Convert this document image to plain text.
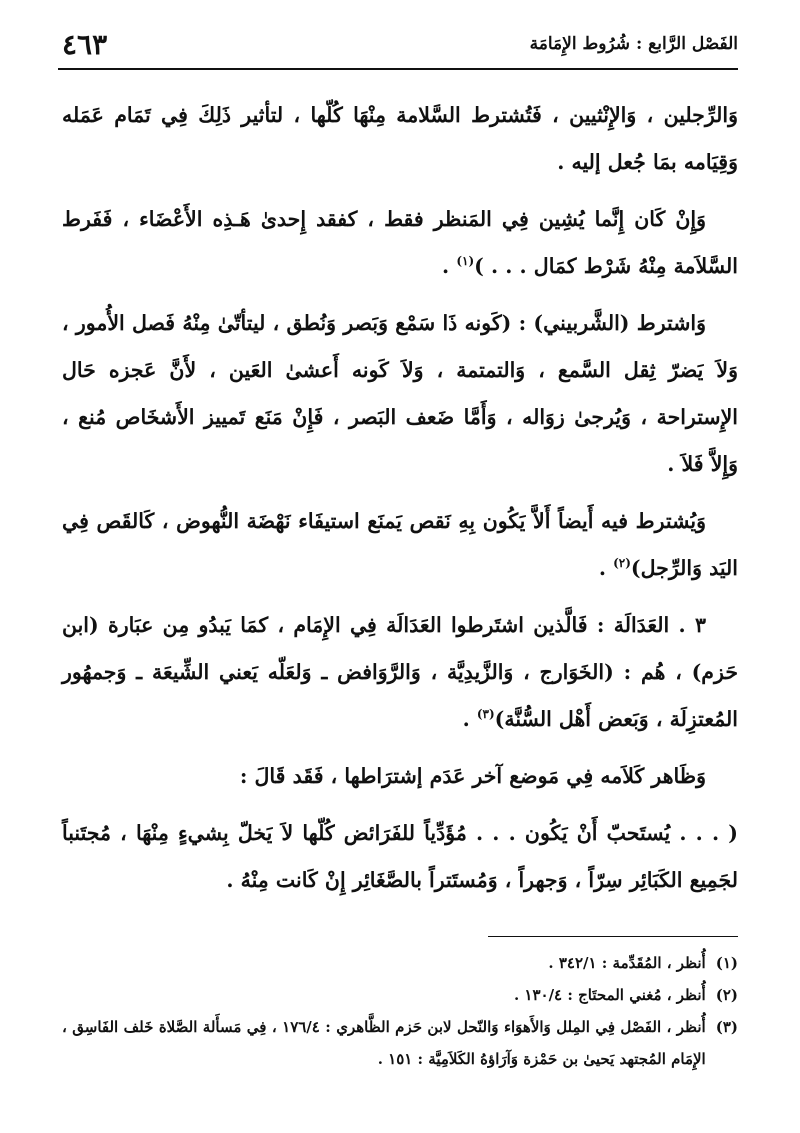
الفَصْل الرَّابع : شُرُوط الإِمَامَة
٤٦٣

وَالرِّجلين ، وَالإِنْثيين ، فَتُشترط السَّلامة مِنْهَا كُلّها ، لتأثير ذَلِكَ فِي تَمَام عَمَله وَقِيَامه بمَا جُعل إليه .

وَإِنْ كَان إِنَّما يُشِين فِي المَنظر فقط ، كفقد إِحدىٰ هَـذِه الأَعْضَاء ، فَفَرط السَّلاَمة مِنْهُ شَرْط كمَال . . . )$^{(١)}$ .

وَاشترط (الشَّربيني) : (كَونه ذَا سَمْع وَبَصر وَنُطق ، ليتأتّىٰ مِنْهُ فَصل الأُمور ، وَلاَ يَضرّ ثِقل السَّمع ، وَالتمتمة ، وَلاَ كَونه أَعشىٰ العَين ، لأَنَّ عَجزه حَال الإِستراحة ، وَيُرجىٰ زوَاله ، وَأَمَّا ضَعف البَصر ، فَإِنْ مَنَع تَمييز الأَشخَاص مُنع ، وَإِلاَّ فَلاَ .

وَيُشترط فيه أَيضاً أَلاَّ يَكُون بِهِ نَقص يَمنَع استيفَاء نَهْضَة النُّهوض ، كَالقَص فِي اليَد وَالرِّجل)$^{(٢)}$ .

٣ . العَدَالَة : فَالَّذين اشتَرطوا العَدَالَة فِي الإِمَام ، كمَا يَبدُو مِن عبَارة (ابن حَزم) ، هُم : (الخَوَارج ، وَالزَّيدِيَّة ، وَالرَّوَافض ـ وَلعَلّه يَعني الشِّيعَة ـ وَجمهُور المُعتزِلَة ، وَبَعض أَهْل السُّنَّة)$^{(٣)}$ .

وَظَاهر كَلاَمه فِي مَوضع آخر عَدَم إشترَاطها ، فَقَد قَالَ :

( . . . يُستَحبّ أَنْ يَكُون . . . مُؤَدِّياً للفَرَائض كُلّها لاَ يَخلّ بِشيءٍ مِنْهَا ، مُجتَنباً لجَمِيع الكَبَائِر سِرّاً ، وَجهراً ، وَمُستَتراً بالصَّغَائِر إِنْ كَانت مِنْهُ .

(١)
أُنظر ، المُقَدِّمة : ٣٤٢/١ .
(٢)
أُنظر ، مُغني المحتَاج : ١٣٠/٤ .
(٣)
أُنظر ، الفَصْل فِي المِلل وَالأَهوَاء وَالنّحل لابن حَزم الظَّاهري : ١٧٦/٤ ، فِي مَسأَلة الصَّلاة خَلف الفَاسِق ، الإِمَام المُجتهد يَحيىٰ بن حَمْزة وَآرَاؤهُ الكَلاَمِيَّة : ١٥١ .
